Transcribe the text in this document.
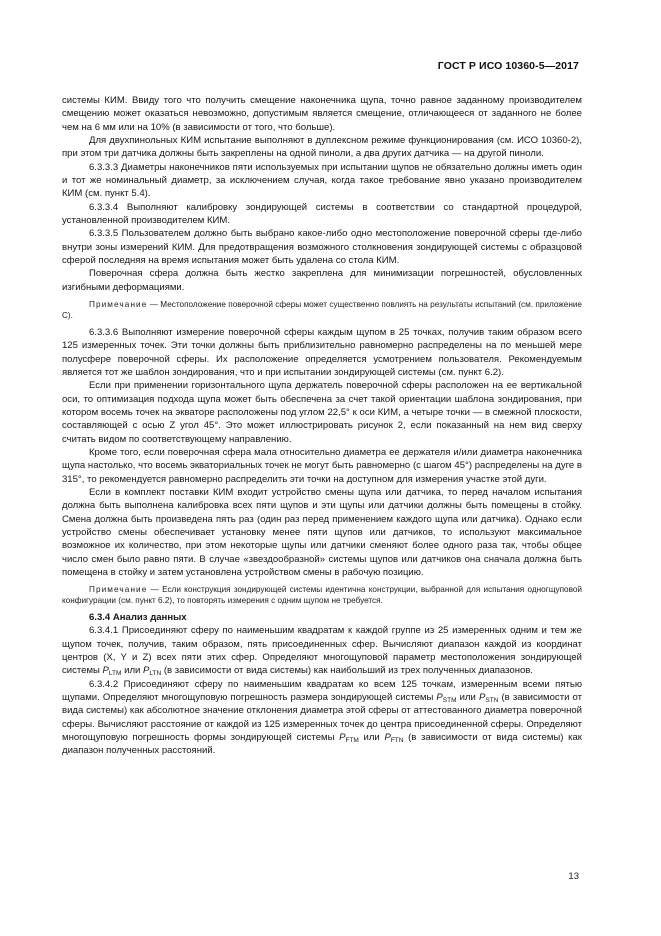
ГОСТ Р ИСО 10360-5—2017

системы КИМ. Ввиду того что получить смещение наконечника щупа, точно равное заданному производителем смещению может оказаться невозможно, допустимым является смещение, отличающееся от заданного не более чем на 6 мм или на 10% (в зависимости от того, что больше).

Для двухпинольных КИМ испытание выполняют в дуплексном режиме функционирования (см. ИСО 10360-2), при этом три датчика должны быть закреплены на одной пиноли, а два других датчика — на другой пиноли.

6.3.3.3 Диаметры наконечников пяти используемых при испытании щупов не обязательно должны иметь один и тот же номинальный диаметр, за исключением случая, когда такое требование явно указано производителем КИМ (см. пункт 5.4).

6.3.3.4 Выполняют калибровку зондирующей системы в соответствии со стандартной процедурой, установленной производителем КИМ.

6.3.3.5 Пользователем должно быть выбрано какое-либо одно местоположение поверочной сферы где-либо внутри зоны измерений КИМ. Для предотвращения возможного столкновения зондирующей системы с образцовой сферой последняя на время испытания может быть удалена со стола КИМ.

Поверочная сфера должна быть жестко закреплена для минимизации погрешностей, обусловленных изгибными деформациями.

Примечание — Местоположение поверочной сферы может существенно повлиять на результаты испытаний (см. приложение С).

6.3.3.6 Выполняют измерение поверочной сферы каждым щупом в 25 точках, получив таким образом всего 125 измеренных точек. Эти точки должны быть приблизительно равномерно распределены на по меньшей мере полусфере поверочной сферы. Их расположение определяется усмотрением пользователя. Рекомендуемым является тот же шаблон зондирования, что и при испытании зондирующей системы (см. пункт 6.2).

Если при применении горизонтального щупа держатель поверочной сферы расположен на ее вертикальной оси, то оптимизация подхода щупа может быть обеспечена за счет такой ориентации шаблона зондирования, при котором восемь точек на экваторе расположены под углом 22,5° к оси КИМ, а четыре точки — в смежной плоскости, составляющей с осью Z угол 45°. Это может иллюстрировать рисунок 2, если показанный на нем вид сверху считать видом по соответствующему направлению.

Кроме того, если поверочная сфера мала относительно диаметра ее держателя и/или диаметра наконечника щупа настолько, что восемь экваториальных точек не могут быть равномерно (с шагом 45°) распределены на дуге в 315°, то рекомендуется равномерно распределить эти точки на доступном для измерения участке этой дуги.

Если в комплект поставки КИМ входит устройство смены щупа или датчика, то перед началом испытания должна быть выполнена калибровка всех пяти щупов и эти щупы или датчики должны быть помещены в стойку. Смена должна быть произведена пять раз (один раз перед применением каждого щупа или датчика). Однако если устройство смены обеспечивает установку менее пяти щупов или датчиков, то используют максимальное возможное их количество, при этом некоторые щупы или датчики сменяют более одного раза так, чтобы общее число смен было равно пяти. В случае «звездообразной» системы щупов или датчиков она сначала должна быть помещена в стойку и затем установлена устройством смены в рабочую позицию.

Примечание — Если конструкция зондирующей системы идентична конструкции, выбранной для испытания одногщуповой конфигурации (см. пункт 6.2), то повторять измерения с одним щупом не требуется.

6.3.4 Анализ данных

6.3.4.1 Присоединяют сферу по наименьшим квадратам к каждой группе из 25 измеренных одним и тем же щупом точек, получив, таким образом, пять присоединенных сфер. Вычисляют диапазон каждой из координат центров (X, Y и Z) всех пяти этих сфер. Определяют многощуповой параметр местоположения зондирующей системы $P_{LTM}$ или $P_{LTN}$ (в зависимости от вида системы) как наибольший из трех полученных диапазонов.

6.3.4.2 Присоединяют сферу по наименьшим квадратам ко всем 125 точкам, измеренным всеми пятью щупами. Определяют многощуповую погрешность размера зондирующей системы $P_{STM}$ или $P_{STN}$ (в зависимости от вида системы) как абсолютное значение отклонения диаметра этой сферы от аттестованного диаметра поверочной сферы. Вычисляют расстояние от каждой из 125 измеренных точек до центра присоединенной сферы. Определяют многощуповую погрешность формы зондирующей системы $P_{FTM}$ или $P_{FTN}$ (в зависимости от вида системы) как диапазон полученных расстояний.

13
